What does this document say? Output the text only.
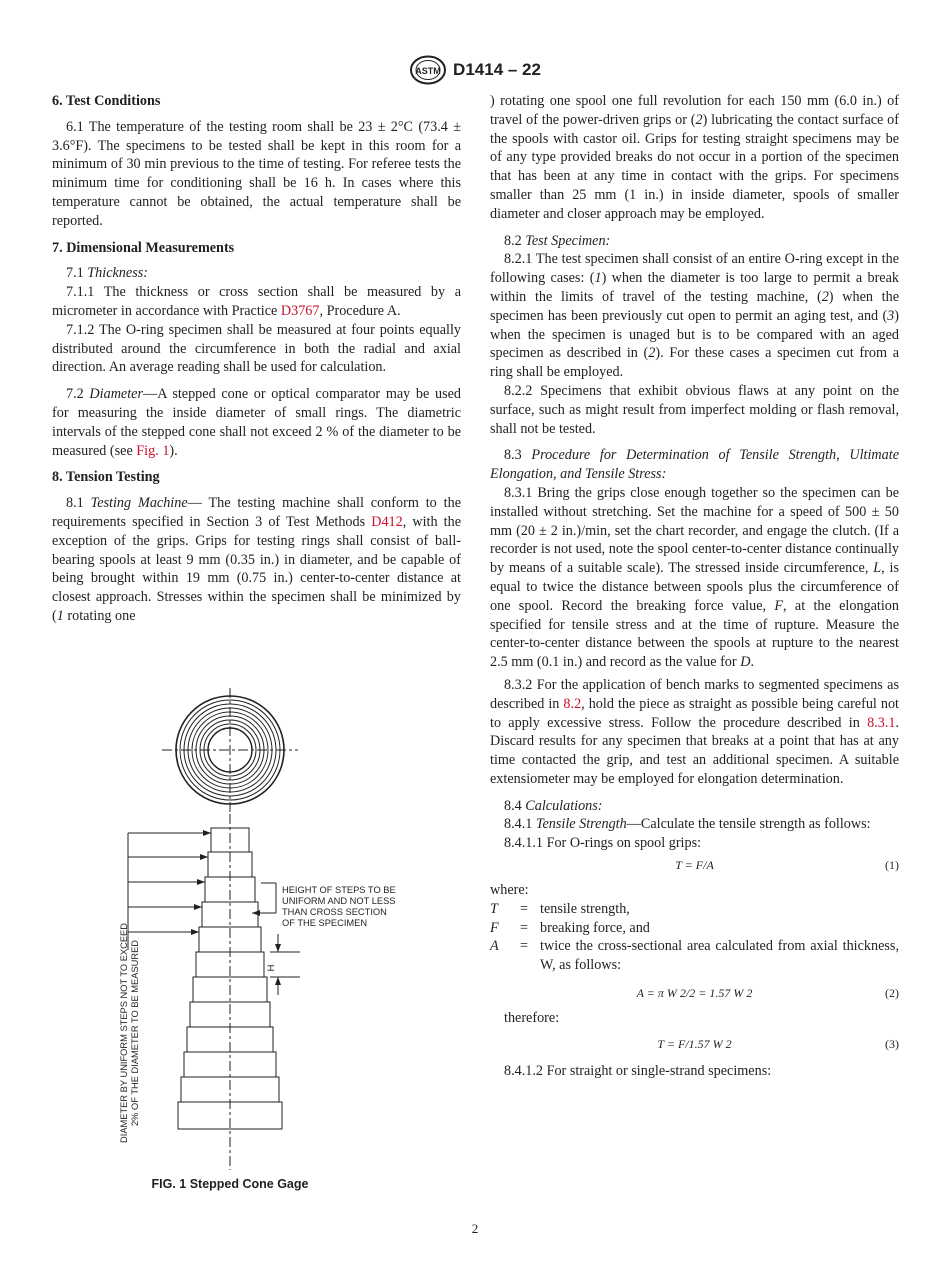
ASTM D1414 – 22
6. Test Conditions

6.1 The temperature of the testing room shall be 23 ± 2°C (73.4 ± 3.6°F). The specimens to be tested shall be kept in this room for a minimum of 30 min previous to the time of testing. For referee tests the minimum time for conditioning shall be 16 h. In cases where this temperature cannot be obtained, the actual temperature shall be reported.

7. Dimensional Measurements

7.1 Thickness:

7.1.1 The thickness or cross section shall be measured by a micrometer in accordance with Practice D3767, Procedure A.

7.1.2 The O-ring specimen shall be measured at four points equally distributed around the circumference in both the radial and axial direction. An average reading shall be used for calculation.

7.2 Diameter—A stepped cone or optical comparator may be used for measuring the inside diameter of small rings. The diametric intervals of the stepped cone shall not exceed 2 % of the diameter to be measured (see Fig. 1).

8. Tension Testing

8.1 Testing Machine— The testing machine shall conform to the requirements specified in Section 3 of Test Methods D412, with the exception of the grips. Grips for testing rings shall consist of ball-bearing spools at least 9 mm (0.35 in.) in diameter, and be capable of being brought within 19 mm (0.75 in.) center-to-center distance at closest approach. Stresses within the specimen shall be minimized by (1 rotating one

HEIGHT OF STEPS TO BE
UNIFORM AND NOT LESS
THAN CROSS SECTION
OF THE SPECIMEN
H
DIAMETER BY UNIFORM STEPS NOT TO EXCEED 2% OF THE DIAMETER TO BE MEASURED
FIG. 1 Stepped Cone Gage

) rotating one spool one full revolution for each 150 mm (6.0 in.) of travel of the power-driven grips or (2) lubricating the contact surface of the spools with castor oil. Grips for testing straight specimens may be of any type provided breaks do not occur in a portion of the specimen that has been at any time in contact with the grips. For specimens smaller than 25 mm (1 in.) in inside diameter, spools of smaller diameter and closer approach may be employed.

8.2 Test Specimen:

8.2.1 The test specimen shall consist of an entire O-ring except in the following cases: (1) when the diameter is too large to permit a break within the limits of travel of the testing machine, (2) when the specimen has been previously cut open to permit an aging test, and (3) when the specimen is unaged but is to be compared with an aged specimen as described in (2). For these cases a specimen cut from a ring shall be employed.

8.2.2 Specimens that exhibit obvious flaws at any point on the surface, such as might result from imperfect molding or flash removal, shall not be tested.

8.3 Procedure for Determination of Tensile Strength, Ultimate Elongation, and Tensile Stress:

8.3.1 Bring the grips close enough together so the specimen can be installed without stretching. Set the machine for a speed of 500 ± 50 mm (20 ± 2 in.)/min, set the chart recorder, and engage the clutch. (If a recorder is not used, note the spool center-to-center distance continually by means of a suitable scale). The stressed inside circumference, L, is equal to twice the distance between spools plus the circumference of one spool. Record the breaking force value, F, at the elongation specified for tensile stress and at the time of rupture. Measure the center-to-center distance between the spools at rupture to the nearest 2.5 mm (0.1 in.) and record as the value for D.

8.3.2 For the application of bench marks to segmented specimens as described in 8.2, hold the piece as straight as possible being careful not to apply excessive stress. Follow the procedure described in 8.3.1. Discard results for any specimen that breaks at a point that has at any time contacted the grip, and test an additional specimen. A suitable extensiometer may be employed for elongation determination.

8.4 Calculations:

8.4.1 Tensile Strength—Calculate the tensile strength as follows:

8.4.1.1 For O-rings on spool grips:

T = F/A	(1)

where:

T	=	tensile strength,
F	=	breaking force, and
A	=	twice the cross-sectional area calculated from axial thickness, W, as follows:
A = π W 2/2 = 1.57 W 2	(2)

therefore:

T = F/1.57 W 2	(3)

8.4.1.2 For straight or single-strand specimens:

2
